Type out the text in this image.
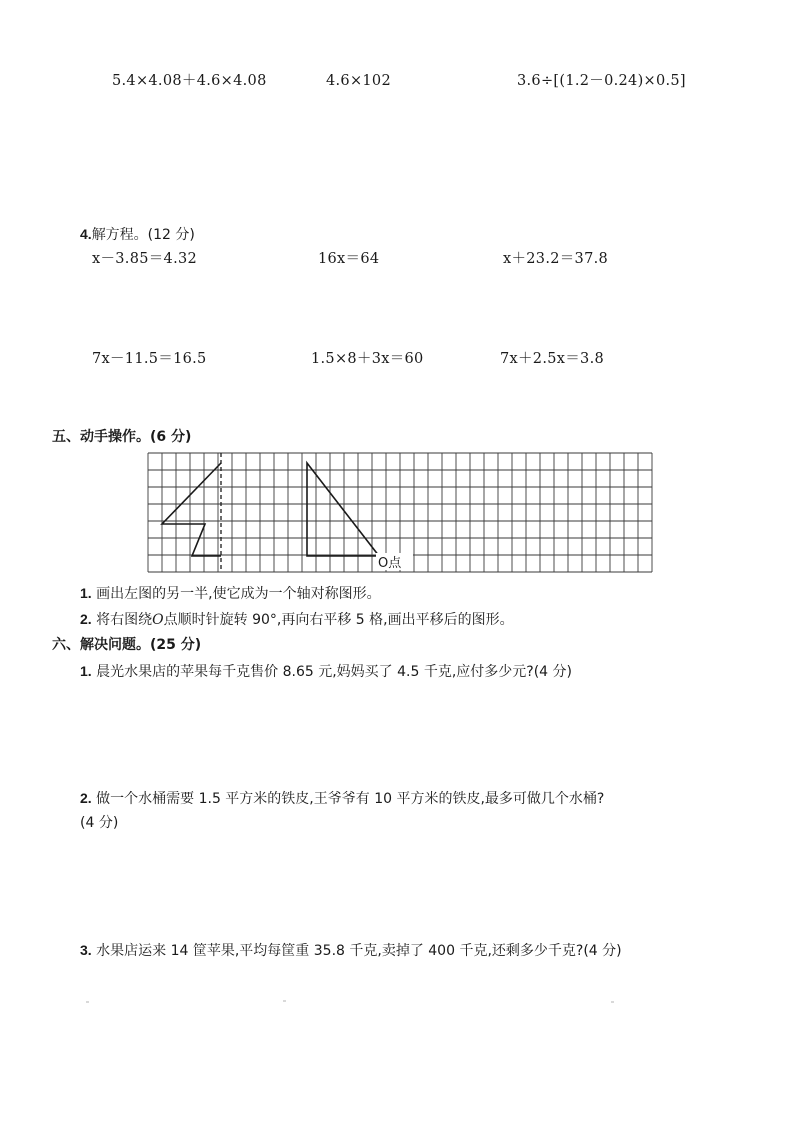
5.4×4.08＋4.6×4.08	4.6×102	3.6÷[(1.2－0.24)×0.5]
4.解方程。(12 分)
x－3.85＝4.32	16x＝64	x＋23.2＝37.8
7x－11.5＝16.5	1.5×8＋3x＝60	7x＋2.5x＝3.8
五、动手操作。(6 分)
O点
1. 画出左图的另一半,使它成为一个轴对称图形。
2. 将右图绕O点顺时针旋转 90°,再向右平移 5 格,画出平移后的图形。
六、解决问题。(25 分)
1. 晨光水果店的苹果每千克售价 8.65 元,妈妈买了 4.5 千克,应付多少元?(4 分)
2. 做一个水桶需要 1.5 平方米的铁皮,王爷爷有 10 平方米的铁皮,最多可做几个水桶?
(4 分)
3. 水果店运来 14 筐苹果,平均每筐重 35.8 千克,卖掉了 400 千克,还剩多少千克?(4 分)
